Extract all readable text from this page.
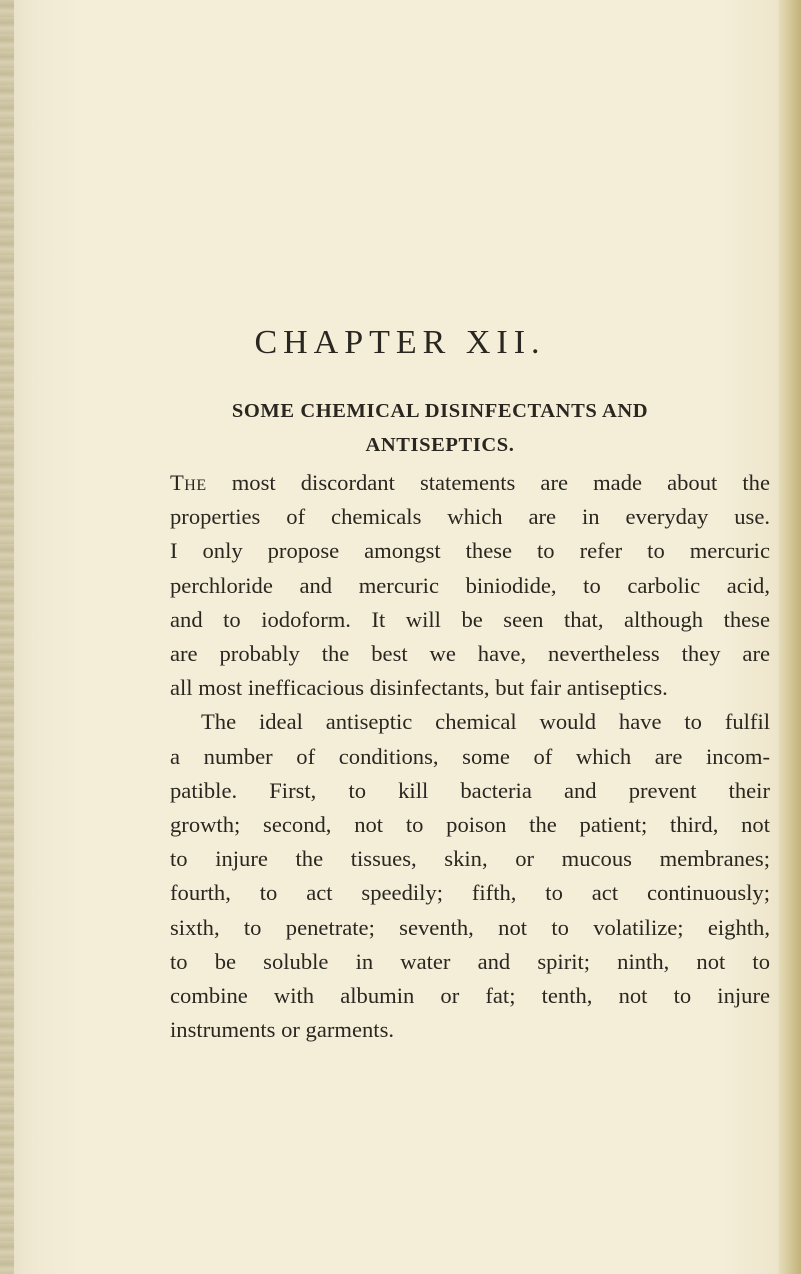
CHAPTER XII.
SOME CHEMICAL DISINFECTANTS AND
ANTISEPTICS.
The most discordant statements are made about the
properties of chemicals which are in everyday use.
I only propose amongst these to refer to mercuric
perchloride and mercuric biniodide, to carbolic acid,
and to iodoform. It will be seen that, although these
are probably the best we have, nevertheless they are
all most inefficacious disinfectants, but fair antiseptics.
The ideal antiseptic chemical would have to fulfil
a number of conditions, some of which are incom-
patible. First, to kill bacteria and prevent their
growth; second, not to poison the patient; third, not
to injure the tissues, skin, or mucous membranes;
fourth, to act speedily; fifth, to act continuously;
sixth, to penetrate; seventh, not to volatilize; eighth,
to be soluble in water and spirit; ninth, not to
combine with albumin or fat; tenth, not to injure
instruments or garments.
